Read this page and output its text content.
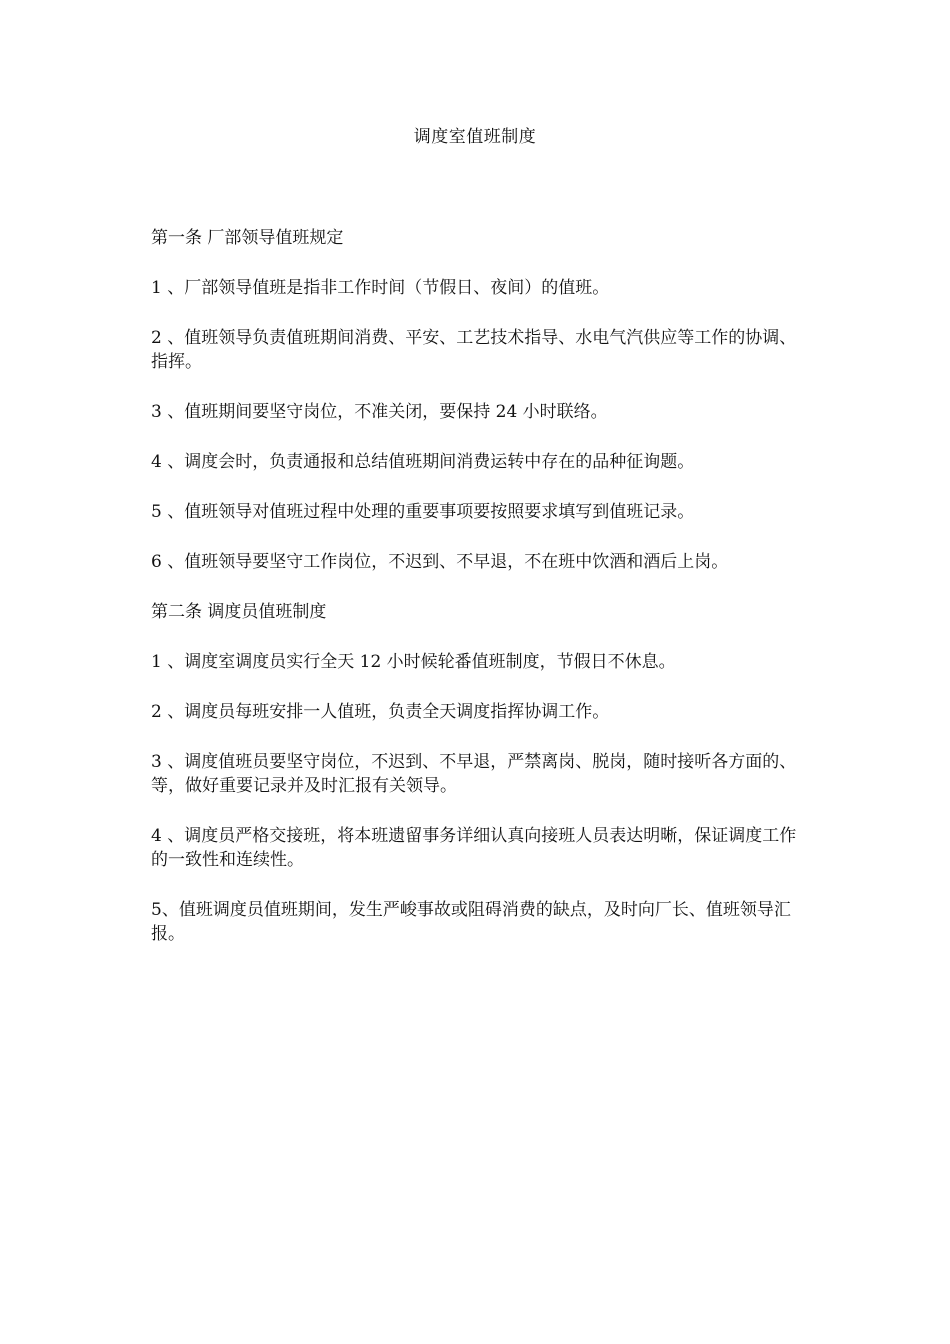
调度室值班制度

第一条 厂部领导值班规定

1 、厂部领导值班是指非工作时间（节假日、夜间）的值班。

2 、值班领导负责值班期间消费、平安、工艺技术指导、水电气汽供应等工作的协调、指挥。

3 、值班期间要坚守岗位，不准关闭，要保持 24 小时联络。

4 、调度会时，负责通报和总结值班期间消费运转中存在的品种征询题。

5 、值班领导对值班过程中处理的重要事项要按照要求填写到值班记录。

6 、值班领导要坚守工作岗位，不迟到、不早退，不在班中饮酒和酒后上岗。

第二条 调度员值班制度

1 、调度室调度员实行全天 12 小时候轮番值班制度，节假日不休息。

2 、调度员每班安排一人值班，负责全天调度指挥协调工作。

3 、调度值班员要坚守岗位，不迟到、不早退，严禁离岗、脱岗，随时接听各方面的、等，做好重要记录并及时汇报有关领导。

4 、调度员严格交接班，将本班遗留事务详细认真向接班人员表达明晰，保证调度工作的一致性和连续性。

5、值班调度员值班期间，发生严峻事故或阻碍消费的缺点，及时向厂长、值班领导汇报。
